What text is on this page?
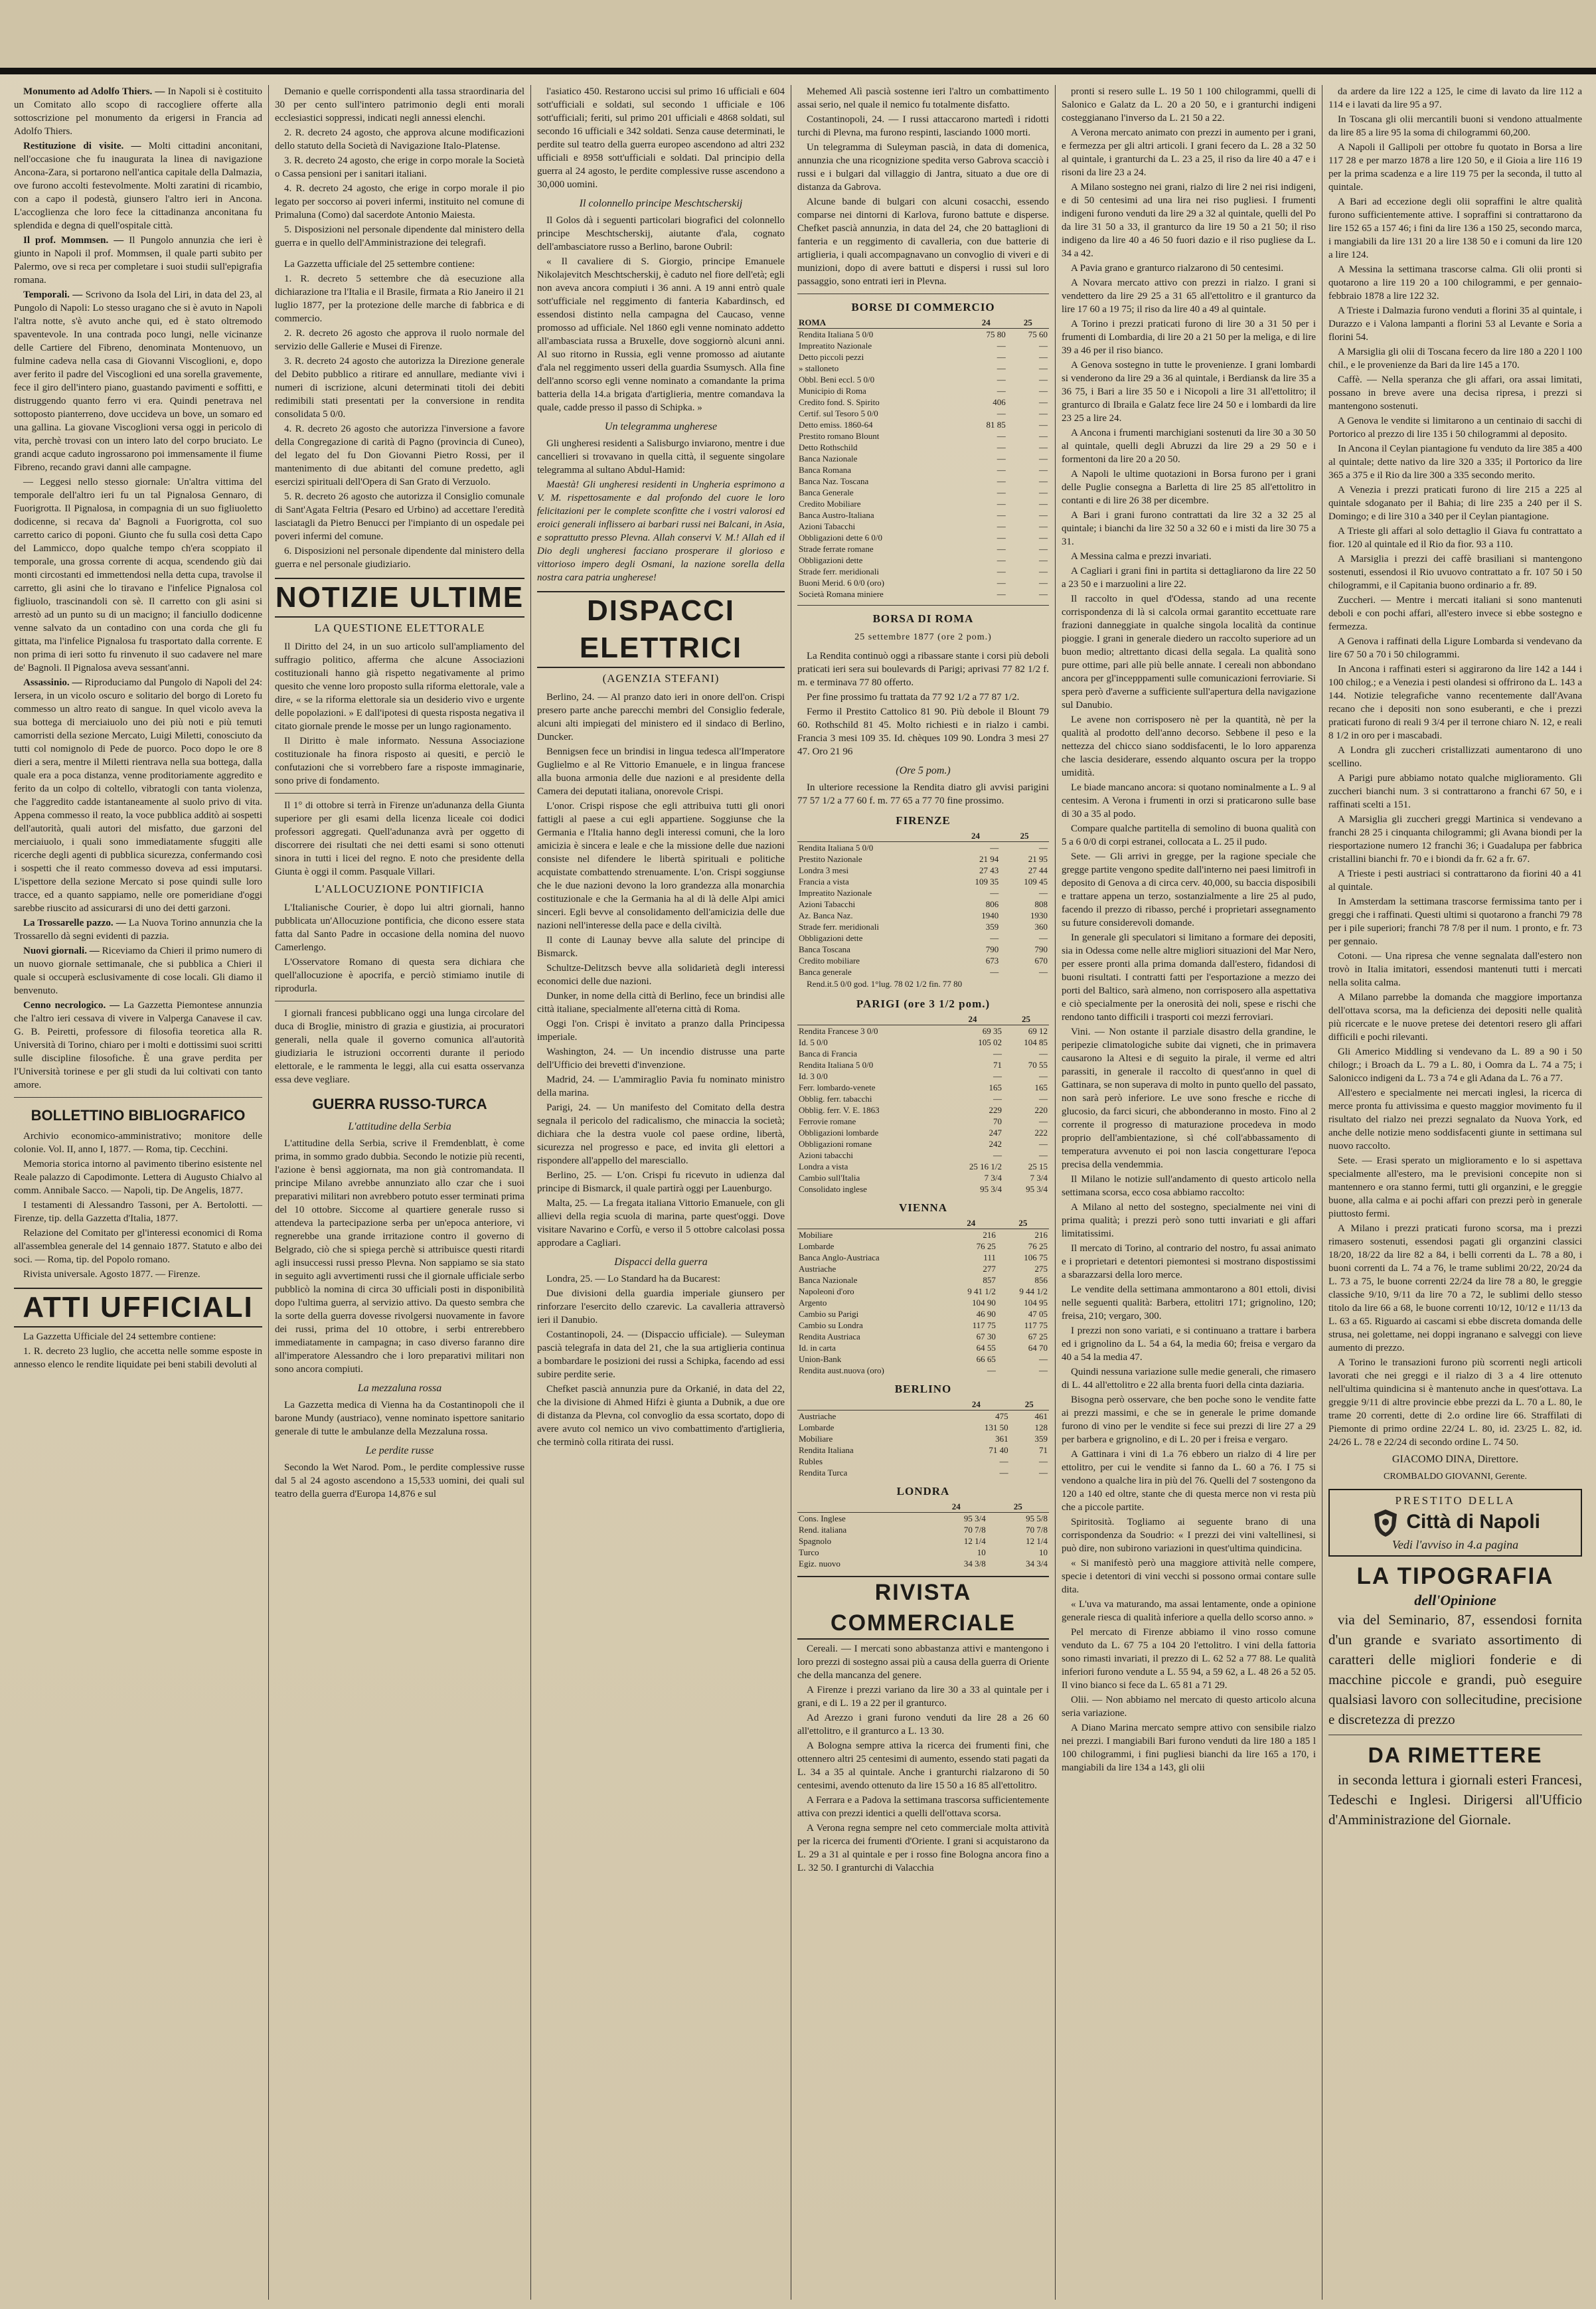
Monumento ad Adolfo Thiers. — In Napoli si è costituito un Comitato allo scopo di raccogliere offerte alla sottoscrizione pel monumento da erigersi in Francia ad Adolfo Thiers.

Restituzione di visite. — Molti cittadini anconitani, nell'occasione che fu inaugurata la linea di navigazione Ancona-Zara, si portarono nell'antica capitale della Dalmazia, ove furono accolti festevolmente. Molti zaratini di ricambio, con a capo il podestà, giunsero l'altro ieri in Ancona. L'accoglienza che loro fece la cittadinanza anconitana fu splendida e degna di quell'ospitale città.

Il prof. Mommsen. — Il Pungolo annunzia che ieri è giunto in Napoli il prof. Mommsen, il quale parti subito per Palermo, ove si reca per completare i suoi studii sull'epigrafia romana.

Temporali. — Scrivono da Isola del Liri, in data del 23, al Pungolo di Napoli: Lo stesso uragano che si è avuto in Napoli l'altra notte, s'è avuto anche qui, ed è stato oltremodo spaventevole. In una contrada poco lungi, nelle vicinanze delle Cartiere del Fibreno, denominata Montenuovo, un fulmine cadeva nella casa di Giovanni Viscoglioni, e, dopo aver ferito il padre del Viscoglioni ed una sorella gravemente, fece il giro dell'intero piano, guastando pavimenti e soffitti, e distruggendo quanto ferro vi era. Quindi penetrava nel sottoposto pianterreno, dove uccideva un bove, un somaro ed una gallina. La giovane Viscoglioni versa oggi in pericolo di vita, perchè trovasi con un intero lato del corpo bruciato. Le grandi acque caduto ingrossarono poi immensamente il fiume Fibreno, recando gravi danni alle campagne.

— Leggesi nello stesso giornale: Un'altra vittima del temporale dell'altro ieri fu un tal Pignalosa Gennaro, di Fuorigrotta. Il Pignalosa, in compagnia di un suo figliuoletto dodicenne, si recava da' Bagnoli a Fuorigrotta, col suo carretto carico di poponi. Giunto che fu sulla così detta Capo del Lammicco, dopo qualche tempo ch'era scoppiato il temporale, una grossa corrente di acqua, scendendo giù dai monti circostanti ed immettendosi nella detta cupa, travolse il carretto, gli asini che lo tiravano e l'infelice Pignalosa col figliuolo, trascinandoli con sè. Il carretto con gli asini si arrestò ad un punto su di un macigno; il fanciullo dodicenne venne salvato da un contadino con una corda che gli fu gittata, ma l'infelice Pignalosa fu trasportato dalla corrente. E non prima di ieri sotto fu rinvenuto il suo cadavere nel mare de' Bagnoli. Il Pignalosa aveva sessant'anni.

Assassinio. — Riproduciamo dal Pungolo di Napoli del 24: Iersera, in un vicolo oscuro e solitario del borgo di Loreto fu commesso un altro reato di sangue. In quel vicolo aveva la sua bottega di merciaiuolo uno dei più noti e più temuti camorristi della sezione Mercato, Luigi Miletti, conosciuto da tutti col nomignolo di Pede de puorco. Poco dopo le ore 8 dieri a sera, mentre il Miletti rientrava nella sua bottega, dalla quale era a poca distanza, venne proditoriamente aggredito e ferito da un colpo di coltello, vibratogli con tanta violenza, che l'aggredito cadde istantaneamente al suolo privo di vita. Appena commesso il reato, la voce pubblica additò ai sospetti dell'autorità, quali autori del misfatto, due garzoni del merciaiuolo, i quali sono immediatamente sfuggiti alle ricerche degli agenti di pubblica sicurezza, confermando così i sospetti che il reato commesso doveva ad essi imputarsi. L'ispettore della sezione Mercato si pose quindi sulle loro tracce, ed a quanto sappiamo, nelle ore pomeridiane d'oggi sarebbe riuscito ad assicurarsi di uno dei detti garzoni.

La Trossarelle pazzo. — La Nuova Torino annunzia che la Trossarello dà segni evidenti di pazzia.

Nuovi giornali. — Riceviamo da Chieri il primo numero di un nuovo giornale settimanale, che si pubblica a Chieri il quale si occuperà esclusivamente di cose locali. Gli diamo il benvenuto.

Cenno necrologico. — La Gazzetta Piemontese annunzia che l'altro ieri cessava di vivere in Valperga Canavese il cav. G. B. Peiretti, professore di filosofia teoretica alla R. Università di Torino, chiaro per i molti e dottissimi suoi scritti sulle discipline filosofiche. È una grave perdita per l'Università torinese e per gli studi da lui coltivati con tanto amore.

BOLLETTINO BIBLIOGRAFICO

Archivio economico-amministrativo; monitore delle colonie. Vol. II, anno I, 1877. — Roma, tip. Cecchini.

Memoria storica intorno al pavimento tiberino esistente nel Reale palazzo di Capodimonte. Lettera di Augusto Chialvo al comm. Annibale Sacco. — Napoli, tip. De Angelis, 1877.

I testamenti di Alessandro Tassoni, per A. Bertolotti. — Firenze, tip. della Gazzetta d'Italia, 1877.

Relazione del Comitato per gl'interessi economici di Roma all'assemblea generale del 14 gennaio 1877. Statuto e albo dei soci. — Roma, tip. del Popolo romano.

Rivista universale. Agosto 1877. — Firenze.

ATTI UFFICIALI

La Gazzetta Ufficiale del 24 settembre contiene:

1. R. decreto 23 luglio, che accetta nelle somme esposte in annesso elenco le rendite liquidate pei beni stabili devoluti al

Demanio e quelle corrispondenti alla tassa straordinaria del 30 per cento sull'intero patrimonio degli enti morali ecclesiastici soppressi, indicati negli annessi elenchi.

2. R. decreto 24 agosto, che approva alcune modificazioni dello statuto della Società di Navigazione Italo-Platense.

3. R. decreto 24 agosto, che erige in corpo morale la Società o Cassa pensioni per i sanitari italiani.

4. R. decreto 24 agosto, che erige in corpo morale il pio legato per soccorso ai poveri infermi, instituito nel comune di Primaluna (Como) dal sacerdote Antonio Maiesta.

5. Disposizioni nel personale dipendente dal ministero della guerra e in quello dell'Amministrazione dei telegrafi.

La Gazzetta ufficiale del 25 settembre contiene:

1. R. decreto 5 settembre che dà esecuzione alla dichiarazione tra l'Italia e il Brasile, firmata a Rio Janeiro il 21 luglio 1877, per la protezione delle marche di fabbrica e di commercio.

2. R. decreto 26 agosto che approva il ruolo normale del servizio delle Gallerie e Musei di Firenze.

3. R. decreto 24 agosto che autorizza la Direzione generale del Debito pubblico a ritirare ed annullare, mediante vivi i numeri di iscrizione, alcuni determinati titoli dei debiti redimibili stati presentati per la conversione in rendita consolidata 5 0/0.

4. R. decreto 26 agosto che autorizza l'inversione a favore della Congregazione di carità di Pagno (provincia di Cuneo), del legato del fu Don Giovanni Pietro Rossi, per il mantenimento di due abitanti del comune predetto, agli esercizi spirituali dell'Opera di San Grato di Verzuolo.

5. R. decreto 26 agosto che autorizza il Consiglio comunale di Sant'Agata Feltria (Pesaro ed Urbino) ad accettare l'eredità lasciatagli da Pietro Benucci per l'impianto di un ospedale pei poveri infermi del comune.

6. Disposizioni nel personale dipendente dal ministero della guerra e nel personale giudiziario.

NOTIZIE ULTIME
LA QUESTIONE ELETTORALE

Il Diritto del 24, in un suo articolo sull'ampliamento del suffragio politico, afferma che alcune Associazioni costituzionali hanno già rispetto negativamente al primo quesito che venne loro proposto sulla riforma elettorale, vale a dire, « se la riforma elettorale sia un desiderio vivo e urgente delle popolazioni. » E dall'ipotesi di questa risposta negativa il citato giornale prende le mosse per un lungo ragionamento.

Il Diritto è male informato. Nessuna Associazione costituzionale ha finora risposto ai quesiti, e perciò le confutazioni che si vorrebbero fare a risposte immaginarie, sono prive di fondamento.

Il 1° di ottobre si terrà in Firenze un'adunanza della Giunta superiore per gli esami della licenza liceale coi dodici professori aggregati. Quell'adunanza avrà per oggetto di discorrere dei risultati che nei detti esami si sono ottenuti sinora in tutti i licei del regno. E noto che presidente della Giunta è oggi il comm. Pasquale Villari.

L'ALLOCUZIONE PONTIFICIA

L'Italianische Courier, è dopo lui altri giornali, hanno pubblicata un'Allocuzione pontificia, che dicono essere stata fatta dal Santo Padre in occasione della nomina del nuovo Camerlengo.

L'Osservatore Romano di questa sera dichiara che quell'allocuzione è apocrifa, e perciò stimiamo inutile di riprodurla.

I giornali francesi pubblicano oggi una lunga circolare del duca di Broglie, ministro di grazia e giustizia, ai procuratori generali, nella quale il governo comunica all'autorità giudiziaria le istruzioni occorrenti durante il periodo elettorale, e le rammenta le leggi, alla cui esatta osservanza essa deve vegliare.

GUERRA RUSSO-TURCA
L'attitudine della Serbia

L'attitudine della Serbia, scrive il Fremdenblatt, è come prima, in sommo grado dubbia. Secondo le notizie più recenti, l'azione è bensì aggiornata, ma non già contromandata. Il principe Milano avrebbe annunziato allo czar che i suoi preparativi militari non avrebbero potuto esser terminati prima del 10 ottobre. Siccome al quartiere generale russo si attendeva la partecipazione serba per un'epoca anteriore, vi regnerebbe una grande irritazione contro il governo di Belgrado, ciò che si spiega perchè si attribuisce questi ritardi agli insuccessi russi presso Plevna. Non sappiamo se sia stato in seguito agli avvertimenti russi che il giornale ufficiale serbo pubblicò la nomina di circa 30 ufficiali posti in disponibilità dopo l'ultima guerra, al servizio attivo. Da questo sembra che la sorte della guerra dovesse rivolgersi nuovamente in favore dei russi, prima del 10 ottobre, i serbi entrerebbero immediatamente in campagna; in caso diverso faranno dire all'imperatore Alessandro che i loro preparativi militari non sono ancora compiuti.

La mezzaluna rossa

La Gazzetta medica di Vienna ha da Costantinopoli che il barone Mundy (austriaco), venne nominato ispettore sanitario generale di tutte le ambulanze della Mezzaluna rossa.

Le perdite russe

Secondo la Wet Narod. Pom., le perdite complessive russe dal 5 al 24 agosto ascendono a 15,533 uomini, dei quali sul teatro della guerra d'Europa 14,876 e sul

l'asiatico 450. Restarono uccisi sul primo 16 ufficiali e 604 sott'ufficiali e soldati, sul secondo 1 ufficiale e 106 sott'ufficiali; feriti, sul primo 201 ufficiali e 4868 soldati, sul secondo 16 ufficiali e 342 soldati. Senza cause determinati, le perdite sul teatro della guerra europeo ascendono ad altri 232 ufficiali e 8958 sott'ufficiali e soldati. Dal principio della guerra al 24 agosto, le perdite complessive russe ascendono a 30,000 uomini.

Il colonnello principe Meschtscherskij

Il Golos dà i seguenti particolari biografici del colonnello principe Meschtscherskij, aiutante d'ala, cognato dell'ambasciatore russo a Berlino, barone Oubril:

« Il cavaliere di S. Giorgio, principe Emanuele Nikolajevitch Meschtscherskij, è caduto nel fiore dell'età; egli non aveva ancora compiuti i 36 anni. A 19 anni entrò quale sott'ufficiale nel reggimento di fanteria Kabardinsch, ed essendosi distinto nella campagna del Caucaso, venne promosso ad ufficiale. Nel 1860 egli venne nominato addetto all'ambasciata russa a Bruxelle, dove soggiornò alcuni anni. Al suo ritorno in Russia, egli venne promosso ad aiutante d'ala nel reggimento usseri della guardia Ssumysch. Alla fine dell'anno scorso egli venne nominato a comandante la prima batteria della 14.a brigata d'artiglieria, mentre comandava la quale, cadde presso il passo di Schipka. »

Un telegramma ungherese

Gli ungheresi residenti a Salisburgo inviarono, mentre i due cancellieri si trovavano in quella città, il seguente singolare telegramma al sultano Abdul-Hamid:

Maestà! Gli ungheresi residenti in Ungheria esprimono a V. M. rispettosamente e dal profondo del cuore le loro felicitazioni per le complete sconfitte che i vostri valorosi ed eroici generali inflissero ai barbari russi nei Balcani, in Asia, e soprattutto presso Plevna. Allah conservi V. M.! Allah ed il Dio degli ungheresi facciano prosperare il glorioso e vittorioso impero degli Osmani, la nazione sorella della nostra cara patria ungherese!

DISPACCI ELETTRICI
(AGENZIA STEFANI)

Berlino, 24. — Al pranzo dato ieri in onore dell'on. Crispi presero parte anche parecchi membri del Consiglio federale, alcuni alti impiegati del ministero ed il sindaco di Berlino, Duncker.

Bennigsen fece un brindisi in lingua tedesca all'Imperatore Guglielmo e al Re Vittorio Emanuele, e in lingua francese alla buona armonia delle due nazioni e al presidente della Camera dei deputati italiana, onorevole Crispi.

L'onor. Crispi rispose che egli attribuiva tutti gli onori fattigli al paese a cui egli appartiene. Soggiunse che la Germania e l'Italia hanno degli interessi comuni, che la loro amicizia è sincera e leale e che la missione delle due nazioni consiste nel difendere le libertà spirituali e politiche acquistate combattendo strenuamente. L'on. Crispi soggiunse che le due nazioni devono la loro grandezza alla monarchia costituzionale e che la Germania ha al di là delle Alpi amici sinceri. Egli bevve al consolidamento dell'amicizia delle due nazioni nell'interesse della pace e della civiltà.

Il conte di Launay bevve alla salute del principe di Bismarck.

Schultze-Delitzsch bevve alla solidarietà degli interessi economici delle due nazioni.

Dunker, in nome della città di Berlino, fece un brindisi alle città italiane, specialmente all'eterna città di Roma.

Oggi l'on. Crispi è invitato a pranzo dalla Principessa imperiale.

Washington, 24. — Un incendio distrusse una parte dell'Ufficio dei brevetti d'invenzione.

Madrid, 24. — L'ammiraglio Pavia fu nominato ministro della marina.

Parigi, 24. — Un manifesto del Comitato della destra segnala il pericolo del radicalismo, che minaccia la società; dichiara che la destra vuole col paese ordine, libertà, sicurezza nel progresso e pace, ed invita gli elettori a rispondere all'appello del maresciallo.

Berlino, 25. — L'on. Crispi fu ricevuto in udienza dal principe di Bismarck, il quale partirà oggi per Lauenburgo.

Malta, 25. — La fregata italiana Vittorio Emanuele, con gli allievi della regia scuola di marina, parte quest'oggi. Dove visitare Navarino e Corfù, e verso il 5 ottobre calcolasi possa approdare a Cagliari.

Dispacci della guerra

Londra, 25. — Lo Standard ha da Bucarest:

Due divisioni della guardia imperiale giunsero per rinforzare l'esercito dello czarevic. La cavalleria attraversò ieri il Danubio.

Costantinopoli, 24. — (Dispaccio ufficiale). — Suleyman pascià telegrafa in data del 21, che la sua artiglieria continua a bombardare le posizioni dei russi a Schipka, facendo ad essi subire perdite serie.

Chefket pascià annunzia pure da Orkanié, in data del 22, che la divisione di Ahmed Hifzi è giunta a Dubnik, a due ore di distanza da Plevna, col convoglio da essa scortato, dopo di avere avuto col nemico un vivo combattimento d'artiglieria, che terminò colla ritirata dei russi.

Mehemed Alì pascià sostenne ieri l'altro un combattimento assai serio, nel quale il nemico fu totalmente disfatto.

Costantinopoli, 24. — I russi attaccarono martedì i ridotti turchi di Plevna, ma furono respinti, lasciando 1000 morti.

Un telegramma di Suleyman pascià, in data di domenica, annunzia che una ricognizione spedita verso Gabrova scacciò i russi e i bulgari dal villaggio di Jantra, situato a due ore di distanza da Gabrova.

Alcune bande di bulgari con alcuni cosacchi, essendo comparse nei dintorni di Karlova, furono battute e disperse. Chefket pascià annunzia, in data del 24, che 20 battaglioni di fanteria e un reggimento di cavalleria, con due batterie di artiglieria, i quali accompagnavano un convoglio di viveri e di munizioni, dopo di avere battuti e dispersi i russi sul loro passaggio, sono entrati ieri in Plevna.

BORSE DI COMMERCIO
ROMA	24	25
Rendita Italiana 5 0/0	75 80	75 60
Impreatito Nazionale	—	—
Detto piccoli pezzi	—	—
» stalloneto	—	—
Obbl. Beni eccl. 5 0/0	—	—
Municipio di Roma	—	—
Credito fond. S. Spirito	406	—
Certif. sul Tesoro 5 0/0	—	—
Detto emiss. 1860-64	81 85	—
Prestito romano Blount	—	—
Detto Rothschild	—	—
Banca Nazionale	—	—
Banca Romana	—	—
Banca Naz. Toscana	—	—
Banca Generale	—	—
Credito Mobiliare	—	—
Banca Austro-Italiana	—	—
Azioni Tabacchi	—	—
Obbligazioni dette 6 0/0	—	—
Strade ferrate romane	—	—
Obbligazioni dette	—	—
Strade ferr. meridionali	—	—
Buoni Merid. 6 0/0 (oro)	—	—
Società Romana miniere	—	—
BORSA DI ROMA
25 settembre 1877 (ore 2 pom.)

La Rendita continuò oggi a ribassare stante i corsi più deboli praticati ieri sera sui boulevards di Parigi; aprivasi 77 82 1/2 f. m. e terminava 77 80 offerto.

Per fine prossimo fu trattata da 77 92 1/2 a 77 87 1/2.

Fermo il Prestito Cattolico 81 90. Più debole il Blount 79 60. Rothschild 81 45. Molto richiesti e in rialzo i cambi. Francia 3 mesi 109 35. Id. chèques 109 90. Londra 3 mesi 27 47. Oro 21 96

(Ore 5 pom.)

In ulteriore recessione la Rendita diatro gli avvisi parigini 77 57 1/2 a 77 60 f. m. 77 65 a 77 70 fine prossimo.

FIRENZE
	24	25
Rendita Italiana 5 0/0	—	—
Prestito Nazionale	21 94	21 95
Londra 3 mesi	27 43	27 44
Francia a vista	109 35	109 45
Impreatito Nazionale	—	—
Azioni Tabacchi	806	808
Az. Banca Naz.	1940	1930
Strade ferr. meridionali	359	360
Obbligazioni dette	—	—
Banca Toscana	790	790
Credito mobiliare	673	670
Banca generale	—	—

Rend.it.5 0/0 god. 1°lug. 78 02 1/2 fin. 77 80

PARIGI (ore 3 1/2 pom.)
	24	25
Rendita Francese 3 0/0	69 35	69 12
Id. 5 0/0	105 02	104 85
Banca di Francia	—	—
Rendita Italiana 5 0/0	71	70 55
Id. 3 0/0	—	—
Ferr. lombardo-venete	165	165
Obblig. ferr. tabacchi	—	—
Obblig. ferr. V. E. 1863	229	220
Ferrovie romane	70	—
Obbligazioni lombarde	247	222
Obbligazioni romane	242	—
Azioni tabacchi	—	—
Londra a vista	25 16 1/2	25 15
Cambio sull'Italia	7 3/4	7 3/4
Consolidato inglese	95 3/4	95 3/4
VIENNA
	24	25
Mobiliare	216	216
Lombarde	76 25	76 25
Banca Anglo-Austriaca	111	106 75
Austriache	277	275
Banca Nazionale	857	856
Napoleoni d'oro	9 41 1/2	9 44 1/2
Argento	104 90	104 95
Cambio su Parigi	46 90	47 05
Cambio su Londra	117 75	117 75
Rendita Austriaca	67 30	67 25
Id. in carta	64 55	64 70
Union-Bank	66 65	—
Rendita aust.nuova (oro)	—	—
BERLINO
	24	25
Austriache	475	461
Lombarde	131 50	128
Mobiliare	361	359
Rendita Italiana	71 40	71
Rubles	—	—
Rendita Turca	—	—
LONDRA
	24	25
Cons. Inglese	95 3/4	95 5/8
Rend. italiana	70 7/8	70 7/8
Spagnolo	12 1/4	12 1/4
Turco	10	10
Egiz. nuovo	34 3/8	34 3/4
RIVISTA COMMERCIALE

Cereali. — I mercati sono abbastanza attivi e mantengono i loro prezzi di sostegno assai più a causa della guerra di Oriente che della mancanza del genere.

A Firenze i prezzi variano da lire 30 a 33 al quintale per i grani, e di L. 19 a 22 per il granturco.

Ad Arezzo i grani furono venduti da lire 28 a 26 60 all'ettolitro, e il granturco a L. 13 30.

A Bologna sempre attiva la ricerca dei frumenti fini, che ottennero altri 25 centesimi di aumento, essendo stati pagati da L. 34 a 35 al quintale. Anche i granturchi rialzarono di 50 centesimi, avendo ottenuto da lire 15 50 a 16 85 all'ettolitro.

A Ferrara e a Padova la settimana trascorsa sufficientemente attiva con prezzi identici a quelli dell'ottava scorsa.

A Verona regna sempre nel ceto commerciale molta attività per la ricerca dei frumenti d'Oriente. I grani si acquistarono da L. 29 a 31 al quintale e per i rosso fine Bologna ancora fino a L. 32 50. I granturchi di Valacchia

pronti si resero sulle L. 19 50 1 100 chilogrammi, quelli di Salonico e Galatz da L. 20 a 20 50, e i granturchi indigeni costeggianano l'inverso da L. 21 50 a 22.

A Verona mercato animato con prezzi in aumento per i grani, e fermezza per gli altri articoli. I grani fecero da L. 28 a 32 50 al quintale, i granturchi da L. 23 a 25, il riso da lire 40 a 47 e i risoni da lire 23 a 24.

A Milano sostegno nei grani, rialzo di lire 2 nei risi indigeni, e di 50 centesimi ad una lira nei riso pugliesi. I frumenti indigeni furono venduti da lire 29 a 32 al quintale, quelli del Po da lire 31 50 a 33, il granturco da lire 19 50 a 21 50; il riso indigeno da lire 40 a 46 50 fuori dazio e il riso pugliese da L. 34 a 42.

A Pavia grano e granturco rialzarono di 50 centesimi.

A Novara mercato attivo con prezzi in rialzo. I grani si vendettero da lire 29 25 a 31 65 all'ettolitro e il granturco da lire 17 60 a 19 75; il riso da lire 40 a 49 al quintale.

A Torino i prezzi praticati furono di lire 30 a 31 50 per i frumenti di Lombardia, di lire 20 a 21 50 per la meliga, e di lire 39 a 46 per il riso bianco.

A Genova sostegno in tutte le provenienze. I grani lombardi si venderono da lire 29 a 36 al quintale, i Berdiansk da lire 35 a 36 75, i Bari a lire 35 50 e i Nicopoli a lire 31 all'ettolitro; il granturco di Ibraila e Galatz fece lire 24 50 e i lombardi da lire 23 25 a lire 24.

A Ancona i frumenti marchigiani sostenuti da lire 30 a 30 50 al quintale, quelli degli Abruzzi da lire 29 a 29 50 e i formentoni da lire 20 a 20 50.

A Napoli le ultime quotazioni in Borsa furono per i grani delle Puglie consegna a Barletta di lire 25 85 all'ettolitro in contanti e di lire 26 38 per dicembre.

A Bari i grani furono contrattati da lire 32 a 32 25 al quintale; i bianchi da lire 32 50 a 32 60 e i misti da lire 30 75 a 31.

A Messina calma e prezzi invariati.

A Cagliari i grani fini in partita si dettagliarono da lire 22 50 a 23 50 e i marzuolini a lire 22.

Il raccolto in quel d'Odessa, stando ad una recente corrispondenza di là si calcola ormai garantito eccettuate rare frazioni danneggiate in qualche singola località da continue pioggie. I grani in generale diedero un raccolto superiore ad un buon medio; altrettanto dicasi della segala. La qualità sono pure ottime, pari alle più belle annate. I cereali non abbondano ancora per gl'incepppamenti sulle comunicazioni ferroviarie. Si spera però d'averne a sufficiente sull'apertura della navigazione sul Danubio.

Le avene non corrisposero nè per la quantità, nè per la qualità al prodotto dell'anno decorso. Sebbene il peso e la nettezza del chicco siano soddisfacenti, le lo loro apparenza che lascia desiderare, essendo alquanto oscura per la troppo umidità.

Le biade mancano ancora: si quotano nominalmente a L. 9 al centesim. A Verona i frumenti in orzi si praticarono sulle base di 30 a 35 al podo.

Compare qualche partitella di semolino di buona qualità con 5 a 6 0/0 di corpi estranei, collocata a L. 25 il pudo.

Sete. — Gli arrivi in gregge, per la ragione speciale che gregge partite vengono spedite dall'interno nei paesi limitrofi in deposito di Genova a di circa cerv. 40,000, su baccia disposibili e trattare appena un terzo, sostanzialmente a lire 25 al pudo, facendo il prezzo di ribasso, perché i proprietari assegnamento su future considerevoli domande.

In generale gli speculatori si limitano a formare dei depositi, sia in Odessa come nelle altre migliori situazioni del Mar Nero, per essere pronti alla prima domanda dall'estero, fidandosi di buoni risultati. I contratti fatti per l'esportazione a mezzo dei porti del Baltico, sarà almeno, non corrisposero alla aspettativa e ciò specialmente per la onerosità dei noli, spese e rischi che rendono tanto difficili i trasporti coi mezzi ferroviari.

Vini. — Non ostante il parziale disastro della grandine, le peripezie climatologiche subite dai vigneti, che in primavera causarono la Altesi e di seguito la pirale, il verme ed altri parassiti, in generale il raccolto di quest'anno in quel di Gattinara, se non superava di molto in punto quello del passato, non sarà però inferiore. Le uve sono fresche e ricche di glucosio, da farci sicuri, che abbonderanno in mosto. Fino al 2 corrente il progresso di maturazione procedeva in modo proprio dell'ambientazione, sì ché coll'abbassamento di temperatura avvenuto ei poi non lascia congetturare l'epoca precisa della vendemmia.

Il Milano le notizie sull'andamento di questo articolo nella settimana scorsa, ecco cosa abbiamo raccolto:

A Milano al netto del sostegno, specialmente nei vini di prima qualità; i prezzi però sono tutti invariati e gli affari limitatissimi.

Il mercato di Torino, al contrario del nostro, fu assai animato e i proprietari e detentori piemontesi si mostrano dispostissimi a sbarazzarsi della loro merce.

Le vendite della settimana ammontarono a 801 ettoli, divisi nelle seguenti qualità: Barbera, ettolitri 171; grignolino, 120; freisa, 210; vergaro, 300.

I prezzi non sono variati, e si continuano a trattare i barbera ed i grignolino da L. 54 a 64, la media 60; freisa e vergaro da 40 a 54 la media 47.

Quindi nessuna variazione sulle medie generali, che rimasero di L. 44 all'ettolitro e 22 alla brenta fuori della cinta daziaria.

Bisogna però osservare, che ben poche sono le vendite fatte ai prezzi massimi, e che se in generale le prime domande furono di vino per le vendite si fece sui prezzi di lire 27 a 29 per barbera e grignolino, e di L. 20 per i freisa e vergaro.

A Gattinara i vini di 1.a 76 ebbero un rialzo di 4 lire per ettolitro, per cui le vendite si fanno da L. 60 a 76. I 75 si vendono a qualche lira in più del 76. Quelli del 7 sostengono da 120 a 140 ed oltre, stante che di questa merce non vi resta più che a piccole partite.

Spiritosità. Togliamo ai seguente brano di una corrispondenza da Soudrio: « I prezzi dei vini valtellinesi, si può dire, non subirono variazioni in quest'ultima quindicina.

« Si manifestò però una maggiore attività nelle compere, specie i detentori di vini vecchi si possono ormai contare sulle dita.

« L'uva va maturando, ma assai lentamente, onde a opinione generale riesca di qualità inferiore a quella dello scorso anno. »

Pel mercato di Firenze abbiamo il vino rosso comune venduto da L. 67 75 a 104 20 l'ettolitro. I vini della fattoria sono rimasti invariati, il prezzo di L. 62 52 a 77 88. Le qualità inferiori furono vendute a L. 55 94, a 59 62, a L. 48 26 a 52 05. Il vino bianco si fece da L. 65 81 a 71 29.

Olii. — Non abbiamo nel mercato di questo articolo alcuna seria variazione.

A Diano Marina mercato sempre attivo con sensibile rialzo nei prezzi. I mangiabili Bari furono venduti da lire 180 a 185 l 100 chilogrammi, i fini pugliesi bianchi da lire 165 a 170, i mangiabili da lire 134 a 143, gli olii

da ardere da lire 122 a 125, le cime di lavato da lire 112 a 114 e i lavati da lire 95 a 97.

In Toscana gli olii mercantili buoni si vendono attualmente da lire 85 a lire 95 la soma di chilogrammi 60,200.

A Napoli il Gallipoli per ottobre fu quotato in Borsa a lire 117 28 e per marzo 1878 a lire 120 50, e il Gioia a lire 116 19 per la prima scadenza e a lire 119 75 per la seconda, il tutto al quintale.

A Bari ad eccezione degli olii sopraffini le altre qualità furono sufficientemente attive. I sopraffini si contrattarono da lire 152 65 a 157 46; i fini da lire 136 a 150 25, secondo marca, i mangiabili da lire 131 20 a lire 138 50 e i comuni da lire 120 a lire 124.

A Messina la settimana trascorse calma. Gli olii pronti si quotarono a lire 119 20 a 100 chilogrammi, e per gennaio-febbraio 1878 a lire 122 32.

A Trieste i Dalmazia furono venduti a florini 35 al quintale, i Durazzo e i Valona lampanti a florini 53 al Levante e Soria a florini 54.

A Marsiglia gli olii di Toscana fecero da lire 180 a 220 l 100 chil., e le provenienze da Bari da lire 145 a 170.

Caffè. — Nella speranza che gli affari, ora assai limitati, possano in breve avere una decisa ripresa, i prezzi si mantengono sostenuti.

A Genova le vendite si limitarono a un centinaio di sacchi di Portorico al prezzo di lire 135 i 50 chilogrammi al deposito.

In Ancona il Ceylan piantagione fu venduto da lire 385 a 400 al quintale; dette nativo da lire 320 a 335; il Portorico da lire 365 a 375 e il Rio da lire 300 a 335 secondo merito.

A Venezia i prezzi praticati furono di lire 215 a 225 al quintale sdoganato per il Bahia; di lire 235 a 240 per il S. Domingo; e di lire 310 a 340 per il Ceylan piantagione.

A Trieste gli affari al solo dettaglio il Giava fu contrattato a fior. 120 al quintale ed il Rio da fior. 93 a 110.

A Marsiglia i prezzi dei caffè brasiliani si mantengono sostenuti, essendosi il Rio uvuovo contrattato a fr. 107 50 i 50 chilogrammi, e il Capitania buono ordinario a fr. 89.

Zuccheri. — Mentre i mercati italiani si sono mantenuti deboli e con pochi affari, all'estero invece si ebbe sostegno e fermezza.

A Genova i raffinati della Ligure Lombarda si vendevano da lire 67 50 a 70 i 50 chilogrammi.

In Ancona i raffinati esteri si aggirarono da lire 142 a 144 i 100 chilog.; e a Venezia i pesti olandesi si offrirono da L. 143 a 144. Notizie telegrafiche vanno recentemente dall'Avana recano che i depositi non sono esuberanti, e che i prezzi praticati furono di reali 9 3/4 per il terrone chiaro N. 12, e reali 8 1/2 in oro per i mascabadi.

A Londra gli zuccheri cristallizzati aumentarono di uno scellino.

A Parigi pure abbiamo notato qualche miglioramento. Gli zuccheri bianchi num. 3 si contrattarono a franchi 67 50, e i raffinati scelti a 151.

A Marsiglia gli zuccheri greggi Martinica si vendevano a franchi 28 25 i cinquanta chilogrammi; gli Avana biondi per la riesportazione numero 12 franchi 36; i Guadalupa per fabbrica cristallini bianchi fr. 70 e i biondi da fr. 62 a fr. 67.

A Trieste i pesti austriaci si contrattarono da fiorini 40 a 41 al quintale.

In Amsterdam la settimana trascorse fermissima tanto per i greggi che i raffinati. Questi ultimi si quotarono a franchi 79 78 per i pile superiori; franchi 78 7/8 per il num. 1 pronto, e fr. 73 per gennaio.

Cotoni. — Una ripresa che venne segnalata dall'estero non trovò in Italia imitatori, essendosi mantenuti tutti i mercati nella solita calma.

A Milano parrebbe la domanda che maggiore importanza dell'ottava scorsa, ma la deficienza dei depositi nelle qualità più ricercate e le nuove pretese dei detentori resero gli affari difficili e pochi rilevanti.

Gli Americo Middling si vendevano da L. 89 a 90 i 50 chilogr.; i Broach da L. 79 a L. 80, i Oomra da L. 74 a 75; i Salonicco indigeni da L. 73 a 74 e gli Adana da L. 76 a 77.

All'estero e specialmente nei mercati inglesi, la ricerca di merce pronta fu attivissima e questo maggior movimento fu il risultato del rialzo nei prezzi segnalato da Nuova York, ed anche delle notizie meno soddisfacenti giunte in settimana sul nuovo raccolto.

Sete. — Erasi sperato un miglioramento e lo si aspettava specialmente all'estero, ma le previsioni concepite non si mantennero e ora stanno fermi, tutti gli organzini, e le greggie buone, alla calma e ai pochi affari con prezzi però in generale piuttosto fermi.

A Milano i prezzi praticati furono scorsa, ma i prezzi rimasero sostenuti, essendosi pagati gli organzini classici 18/20, 18/22 da lire 82 a 84, i belli correnti da L. 78 a 80, i buoni correnti da L. 74 a 76, le trame sublimi 20/22, 20/24 da L. 73 a 75, le buone correnti 22/24 da lire 78 a 80, le greggie classiche 9/10, 9/11 da lire 70 a 72, le sublimi dello stesso titolo da lire 66 a 68, le buone correnti 10/12, 10/12 e 11/13 da L. 63 a 65. Riguardo ai cascami si ebbe discreta domanda delle strusa, nei golettame, nei doppi ingranano e salveggi con lieve aumento di prezzo.

A Torino le transazioni furono più scorrenti negli articoli lavorati che nei greggi e il rialzo di 3 a 4 lire ottenuto nell'ultima quindicina si è mantenuto anche in quest'ottava. La greggie 9/11 di altre provincie ebbe prezzi da L. 70 a L. 80, le trame 20 correnti, dette di 2.o ordine lire 66. Straffilati di Piemonte di primo ordine 22/24 L. 80, id. 23/25 L. 82, id. 24/26 L. 78 e 22/24 di secondo ordine L. 74 50.

GIACOMO DINA, Direttore.
CROMBALDO GIOVANNI, Gerente.
PRESTITO DELLA
Città di Napoli
Vedi l'avviso in 4.a pagina
LA TIPOGRAFIA
dell'Opinione

via del Seminario, 87, essendosi fornita d'un grande e svariato assortimento di caratteri delle migliori fonderie e di macchine piccole e grandi, può eseguire qualsiasi lavoro con sollecitudine, precisione e discretezza di prezzo

DA RIMETTERE

in seconda lettura i giornali esteri Francesi, Tedeschi e Inglesi. Dirigersi all'Ufficio d'Amministrazione del Giornale.
